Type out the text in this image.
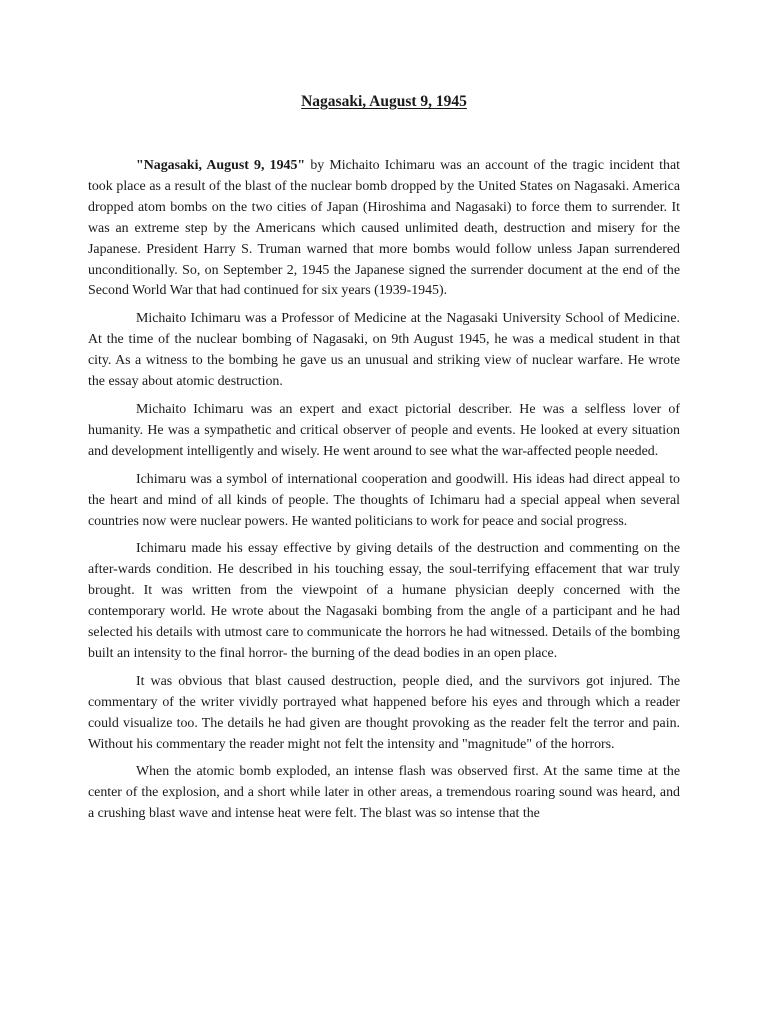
Nagasaki, August 9, 1945

"Nagasaki, August 9, 1945" by Michaito Ichimaru was an account of the tragic incident that took place as a result of the blast of the nuclear bomb dropped by the United States on Nagasaki. America dropped atom bombs on the two cities of Japan (Hiroshima and Nagasaki) to force them to surrender. It was an extreme step by the Americans which caused unlimited death, destruction and misery for the Japanese. President Harry S. Truman warned that more bombs would follow unless Japan surrendered unconditionally. So, on September 2, 1945 the Japanese signed the surrender document at the end of the Second World War that had continued for six years (1939-1945).

Michaito Ichimaru was a Professor of Medicine at the Nagasaki University School of Medicine. At the time of the nuclear bombing of Nagasaki, on 9th August 1945, he was a medical student in that city. As a witness to the bombing he gave us an unusual and striking view of nuclear warfare. He wrote the essay about atomic destruction.

Michaito Ichimaru was an expert and exact pictorial describer. He was a selfless lover of humanity. He was a sympathetic and critical observer of people and events. He looked at every situation and development intelligently and wisely. He went around to see what the war-affected people needed.

Ichimaru was a symbol of international cooperation and goodwill. His ideas had direct appeal to the heart and mind of all kinds of people. The thoughts of Ichimaru had a special appeal when several countries now were nuclear powers. He wanted politicians to work for peace and social progress.

Ichimaru made his essay effective by giving details of the destruction and commenting on the after-wards condition. He described in his touching essay, the soul-terrifying effacement that war truly brought. It was written from the viewpoint of a humane physician deeply concerned with the contemporary world. He wrote about the Nagasaki bombing from the angle of a participant and he had selected his details with utmost care to communicate the horrors he had witnessed. Details of the bombing built an intensity to the final horror- the burning of the dead bodies in an open place.

It was obvious that blast caused destruction, people died, and the survivors got injured. The commentary of the writer vividly portrayed what happened before his eyes and through which a reader could visualize too. The details he had given are thought provoking as the reader felt the terror and pain. Without his commentary the reader might not felt the intensity and "magnitude" of the horrors.

When the atomic bomb exploded, an intense flash was observed first. At the same time at the center of the explosion, and a short while later in other areas, a tremendous roaring sound was heard, and a crushing blast wave and intense heat were felt. The blast was so intense that the
